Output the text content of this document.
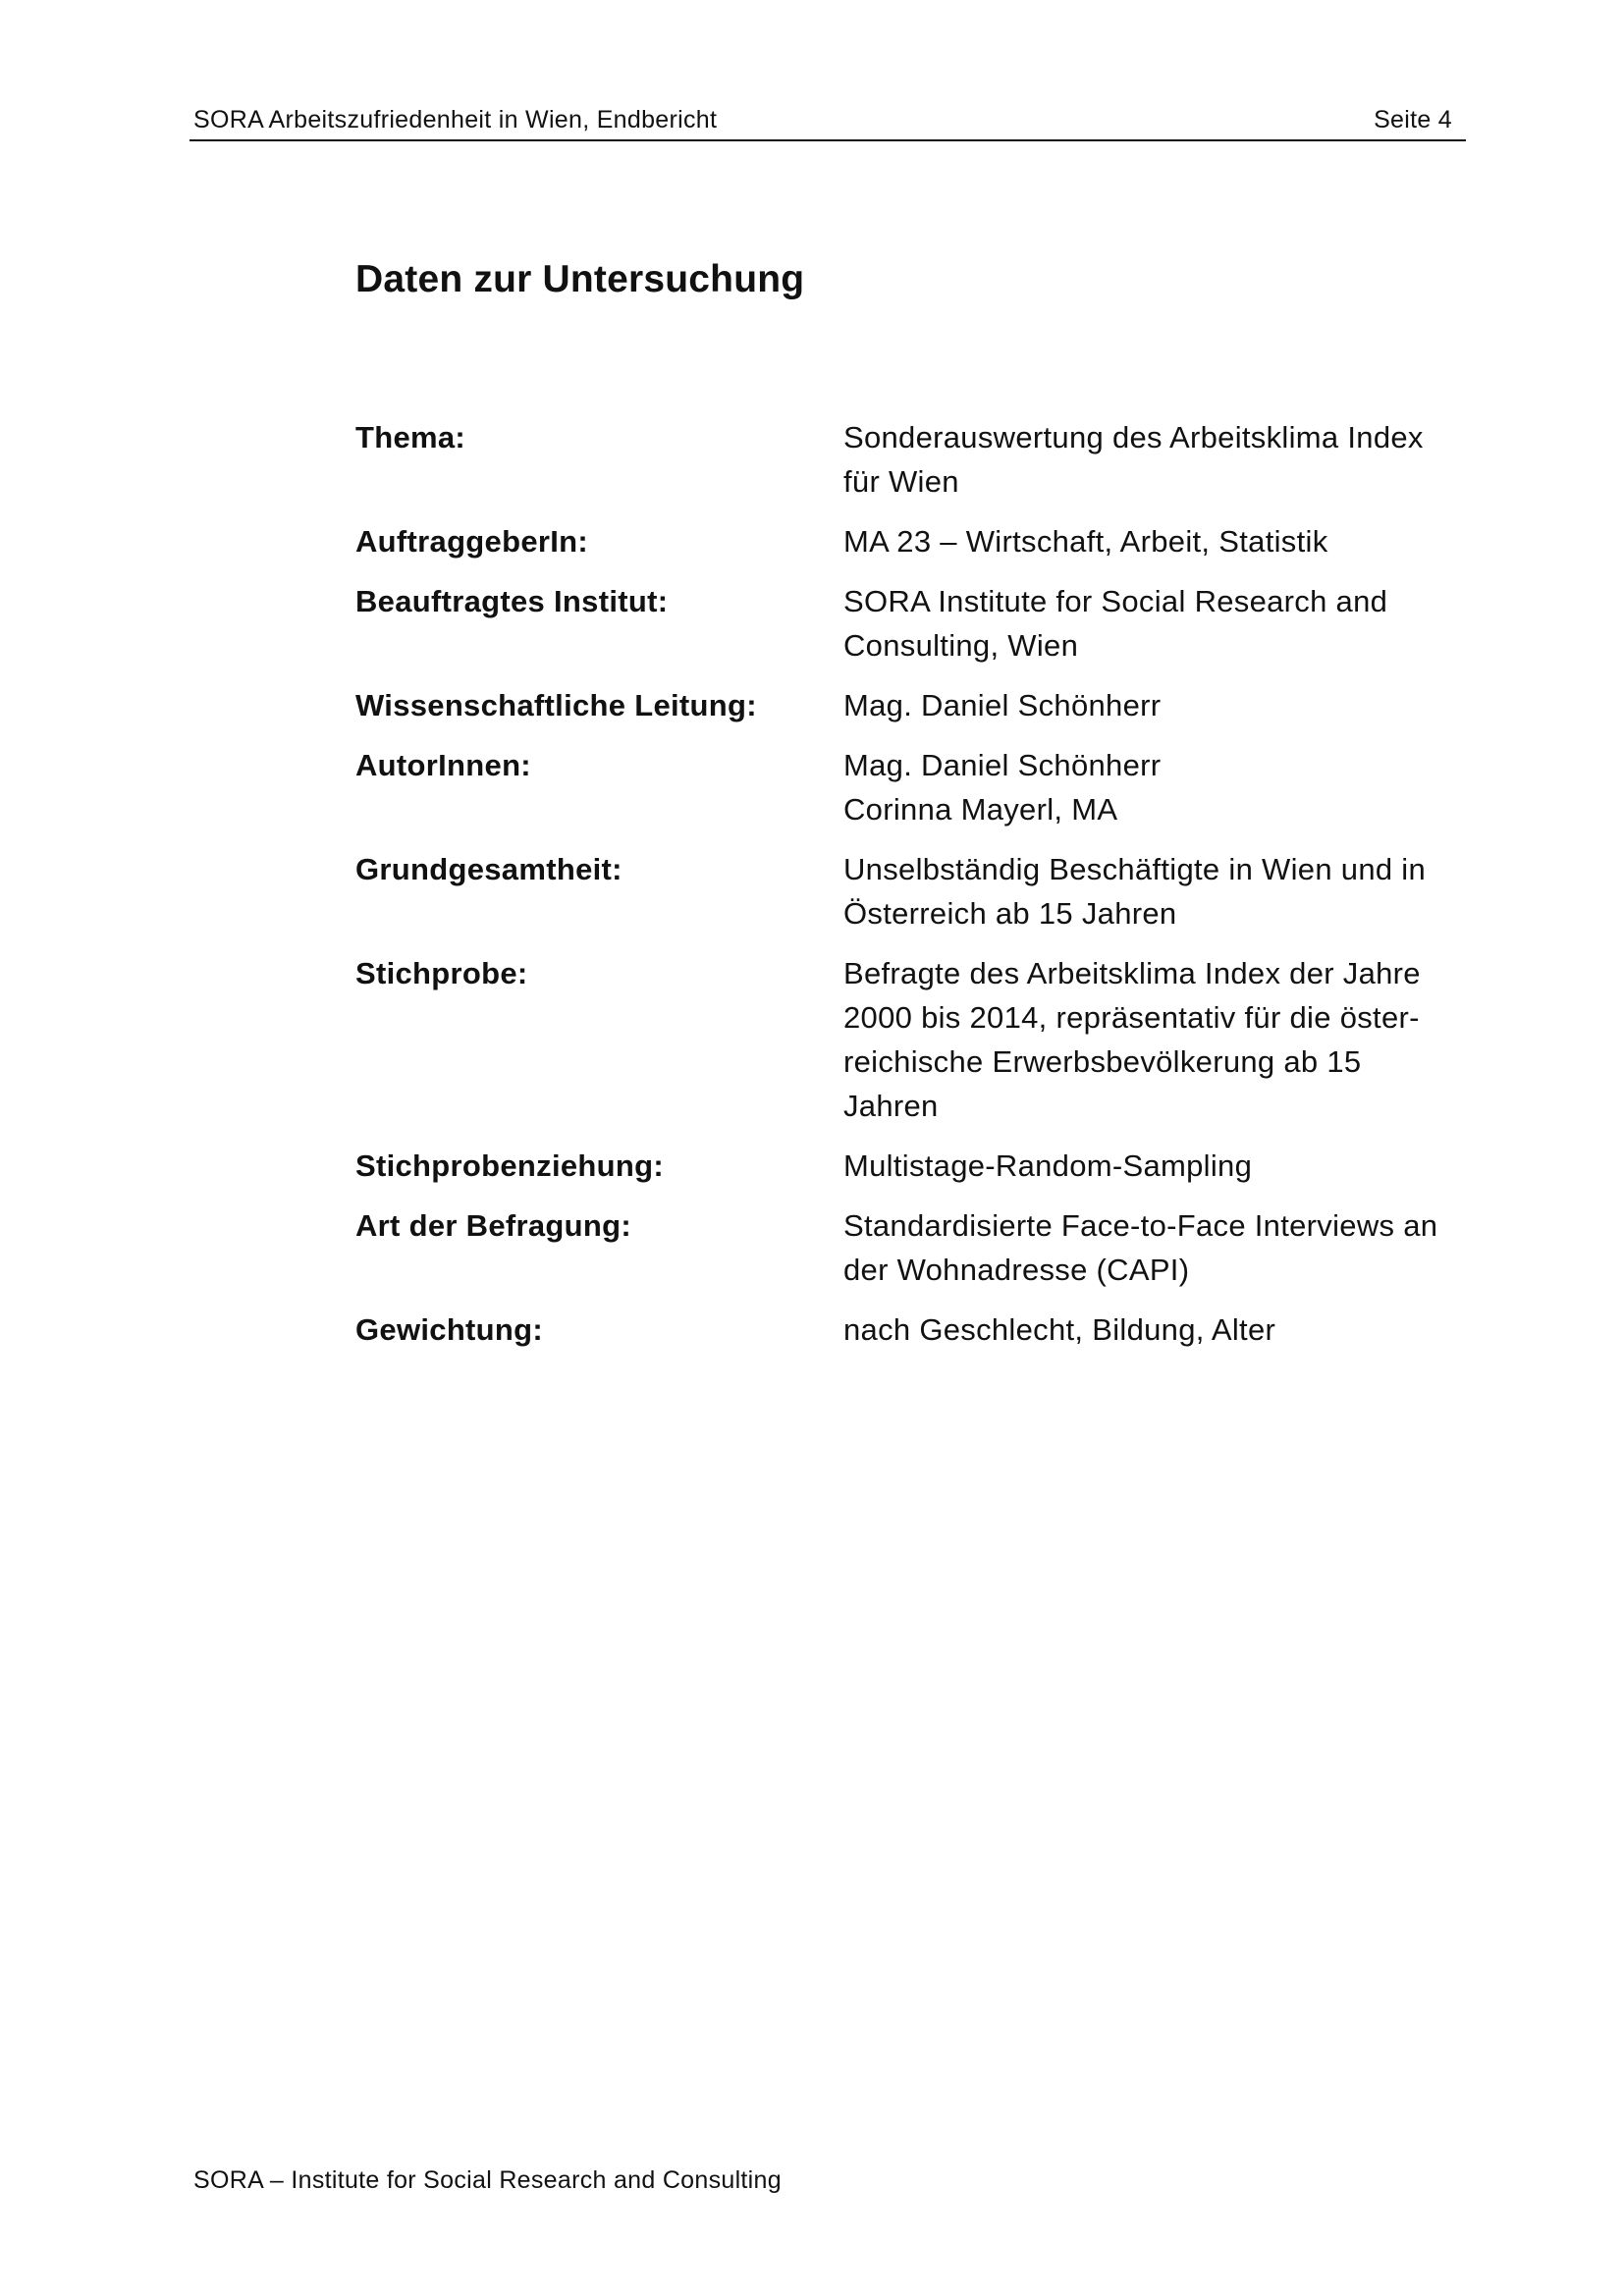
SORA Arbeitszufriedenheit in Wien, Endbericht	Seite 4
Daten zur Untersuchung
Thema:	Sonderauswertung des Arbeitsklima Index
für Wien
AuftraggeberIn:	MA 23 – Wirtschaft, Arbeit, Statistik
Beauftragtes Institut:	SORA Institute for Social Research and
Consulting, Wien
Wissenschaftliche Leitung:	Mag. Daniel Schönherr
AutorInnen:	Mag. Daniel Schönherr
Corinna Mayerl, MA
Grundgesamtheit:	Unselbständig Beschäftigte in Wien und in
Österreich ab 15 Jahren
Stichprobe:	Befragte des Arbeitsklima Index der Jahre
2000 bis 2014, repräsentativ für die öster-
reichische Erwerbsbevölkerung ab 15
Jahren
Stichprobenziehung:	Multistage-Random-Sampling
Art der Befragung:	Standardisierte Face-to-Face Interviews an
der Wohnadresse (CAPI)
Gewichtung:	nach Geschlecht, Bildung, Alter
SORA – Institute for Social Research and Consulting
